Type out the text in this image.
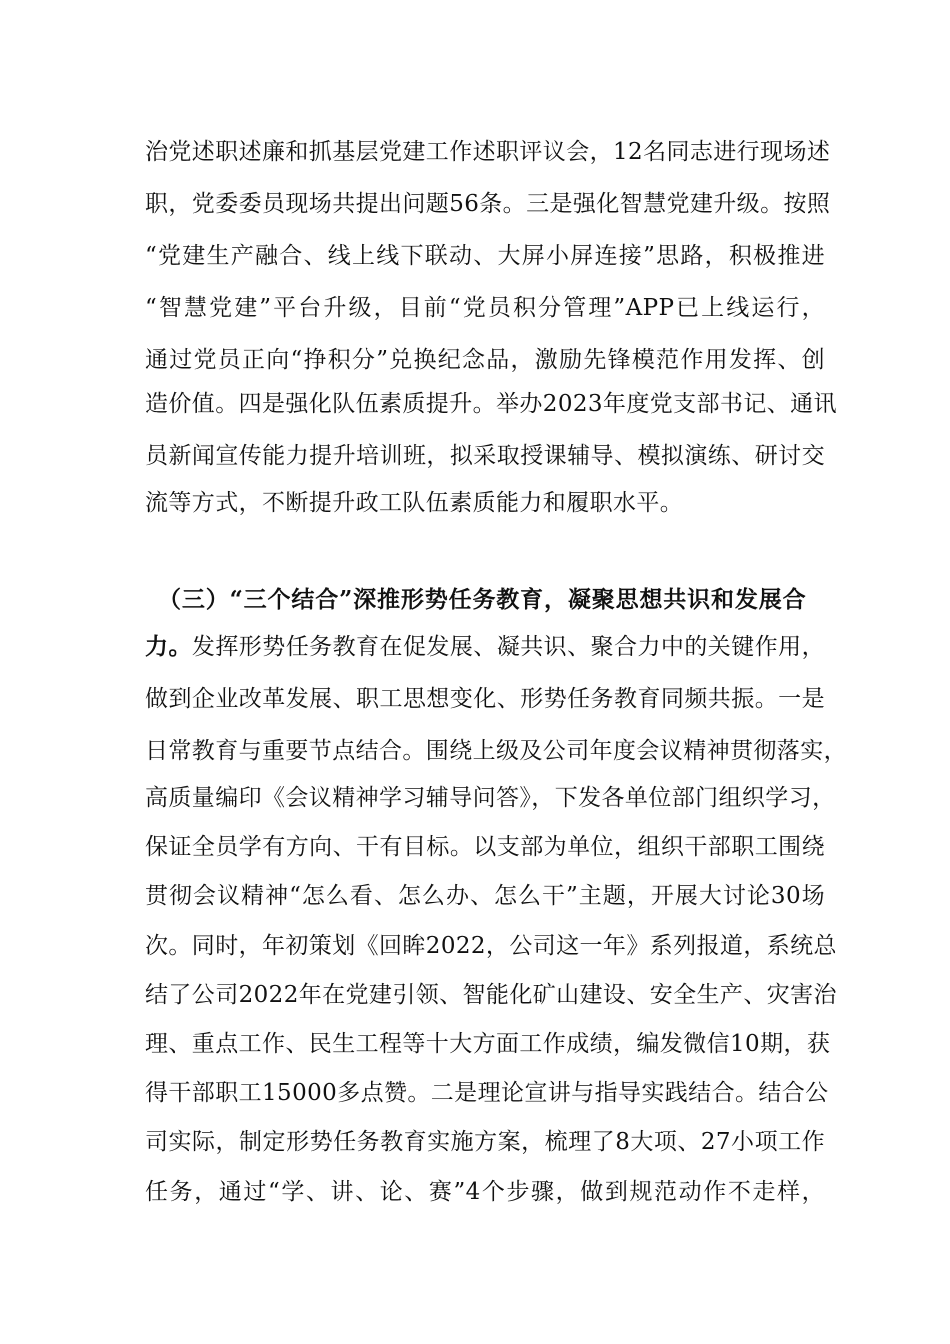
治党述职述廉和抓基层党建工作述职评议会，12名同志进行现场述
职，党委委员现场共提出问题56条。三是强化智慧党建升级。按照
“党建生产融合、线上线下联动、大屏小屏连接”思路，积极推进
“智慧党建”平台升级，目前“党员积分管理”APP已上线运行，
通过党员正向“挣积分”兑换纪念品，激励先锋模范作用发挥、创
造价值。四是强化队伍素质提升。举办2023年度党支部书记、通讯
员新闻宣传能力提升培训班，拟采取授课辅导、模拟演练、研讨交
流等方式，不断提升政工队伍素质能力和履职水平。
（三）“三个结合”深推形势任务教育，凝聚思想共识和发展合
力。发挥形势任务教育在促发展、凝共识、聚合力中的关键作用，
做到企业改革发展、职工思想变化、形势任务教育同频共振。一是
日常教育与重要节点结合。围绕上级及公司年度会议精神贯彻落实，
高质量编印《会议精神学习辅导问答》，下发各单位部门组织学习，
保证全员学有方向、干有目标。以支部为单位，组织干部职工围绕
贯彻会议精神“怎么看、怎么办、怎么干”主题，开展大讨论30场
次。同时，年初策划《回眸2022，公司这一年》系列报道，系统总
结了公司2022年在党建引领、智能化矿山建设、安全生产、灾害治
理、重点工作、民生工程等十大方面工作成绩，编发微信10期，获
得干部职工15000多点赞。二是理论宣讲与指导实践结合。结合公
司实际，制定形势任务教育实施方案，梳理了8大项、27小项工作
任务，通过“学、讲、论、赛”4个步骤，做到规范动作不走样，
